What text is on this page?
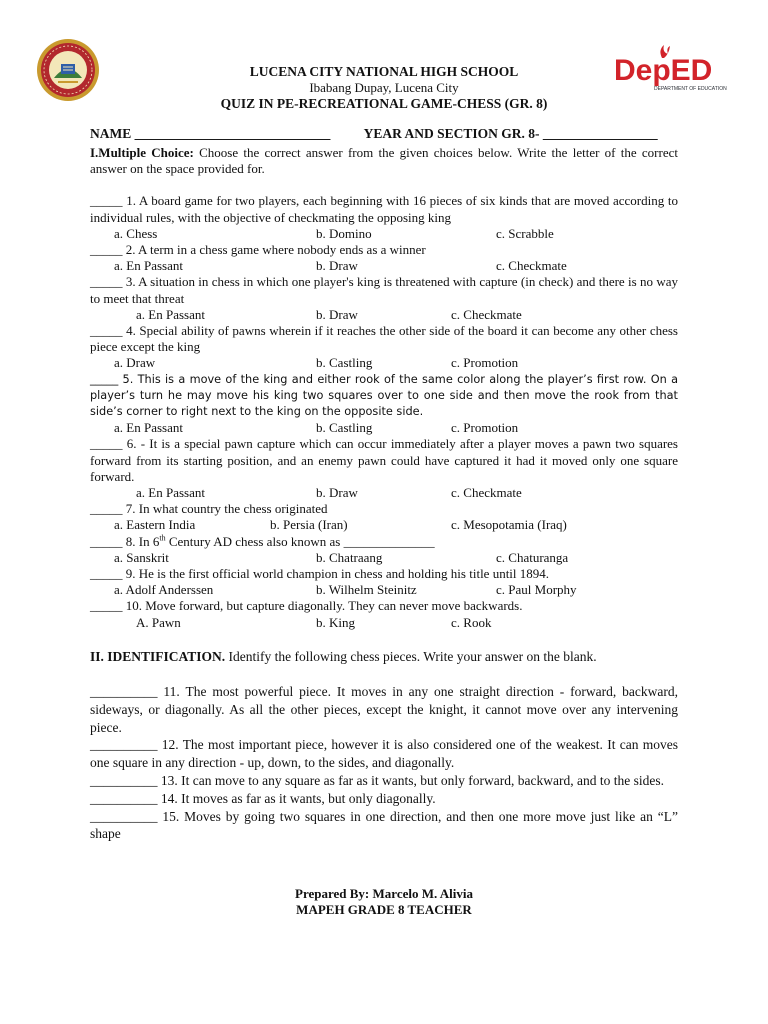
DepED
DEPARTMENT OF EDUCATION
LUCENA CITY NATIONAL HIGH SCHOOL
Ibabang Dupay, Lucena City
QUIZ IN PE-RECREATIONAL GAME-CHESS (GR. 8)
NAME _____________________________ YEAR AND SECTION GR. 8- _________________

I.Multiple Choice: Choose the correct answer from the given choices below. Write the letter of the correct answer on the space provided for.

_____ 1. A board game for two players, each beginning with 16 pieces of six kinds that are moved according to individual rules, with the objective of checkmating the opposing king

a. Chess	b. Domino	c. Scrabble

_____ 2. A term in a chess game where nobody ends as a winner

a. En Passant	b. Draw	c. Checkmate

_____ 3. A situation in chess in which one player's king is threatened with capture (in check) and there is no way to meet that threat

a. En Passant	b. Draw	c. Checkmate

_____ 4. Special ability of pawns wherein if it reaches the other side of the board it can become any other chess piece except the king

a. Draw	b. Castling	c. Promotion

_____ 5. This is a move of the king and either rook of the same color along the player’s first row. On a player’s turn he may move his king two squares over to one side and then move the rook from that side’s corner to right next to the king on the opposite side.

a. En Passant	b. Castling	c. Promotion

_____ 6. - It is a special pawn capture which can occur immediately after a player moves a pawn two squares forward from its starting position, and an enemy pawn could have captured it had it moved only one square forward.

a. En Passant	b. Draw	c. Checkmate

_____ 7. In what country the chess originated

a. Eastern India	b. Persia (Iran)	c. Mesopotamia (Iraq)

_____ 8. In 6th Century AD chess also known as ______________

a. Sanskrit	b. Chatraang	c. Chaturanga

_____ 9. He is the first official world champion in chess and holding his title until 1894.

a. Adolf Anderssen	b. Wilhelm Steinitz	c. Paul Morphy

_____ 10. Move forward, but capture diagonally. They can never move backwards.

A. Pawn	b. King	c. Rook

II. IDENTIFICATION. Identify the following chess pieces. Write your answer on the blank.

__________ 11. The most powerful piece. It moves in any one straight direction - forward, backward, sideways, or diagonally. As all the other pieces, except the knight, it cannot move over any intervening piece.

__________ 12. The most important piece, however it is also considered one of the weakest. It can moves one square in any direction - up, down, to the sides, and diagonally.

__________ 13. It can move to any square as far as it wants, but only forward, backward, and to the sides.

__________ 14. It moves as far as it wants, but only diagonally.

__________ 15. Moves by going two squares in one direction, and then one more move just like an “L” shape

Prepared By: Marcelo M. Alivia
MAPEH GRADE 8 TEACHER
